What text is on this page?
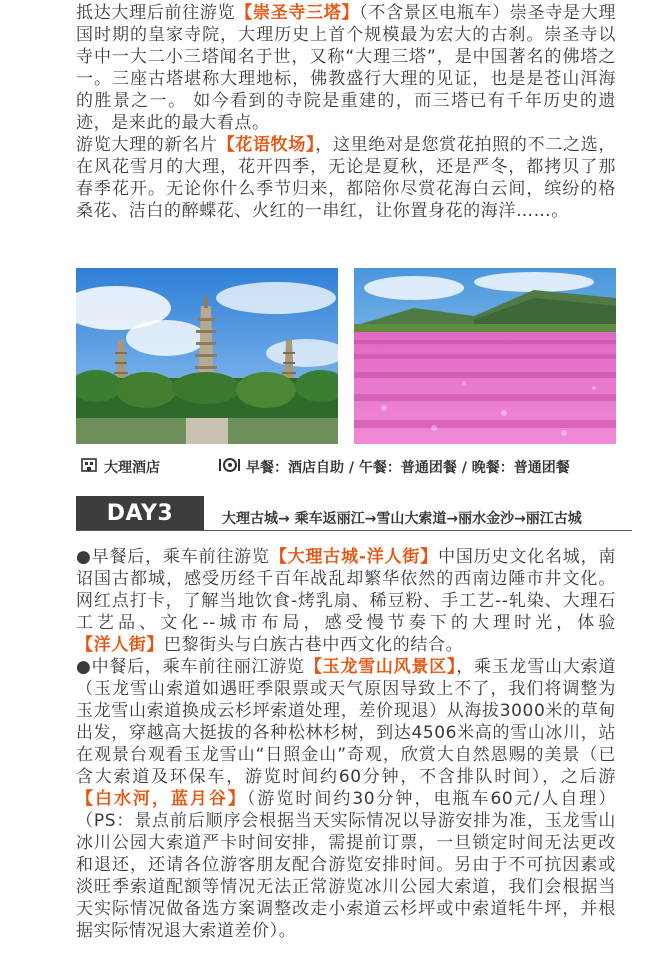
抵达大理后前往游览【崇圣寺三塔】（不含景区电瓶车）崇圣寺是大理国时期的皇家寺院，大理历史上首个规模最为宏大的古刹。崇圣寺以寺中一大二小三塔闻名于世，又称“大理三塔”，是中国著名的佛塔之一。三座古塔堪称大理地标，佛教盛行大理的见证，也是是苍山洱海的胜景之一。 如今看到的寺院是重建的，而三塔已有千年历史的遗迹，是来此的最大看点。

游览大理的新名片【花语牧场】，这里绝对是您赏花拍照的不二之选，在风花雪月的大理，花开四季，无论是夏秋，还是严冬，都拷贝了那春季花开。无论你什么季节归来，都陪你尽赏花海白云间，缤纷的格桑花、洁白的醉蝶花、火红的一串红，让你置身花的海洋……。

大理酒店	早餐：酒店自助 / 午餐：普通团餐 / 晚餐：普通团餐
DAY3	大理古城→ 乘车返丽江→雪山大索道→丽水金沙→丽江古城

●早餐后，乘车前往游览【大理古城-洋人街】中国历史文化名城，南诏国古都城，感受历经千百年战乱却繁华依然的西南边陲市井文化。网红点打卡，了解当地饮食-烤乳扇、稀豆粉、手工艺--轧染、大理石工艺品、文化--城市布局，感受慢节奏下的大理时光，体验【洋人街】巴黎街头与白族古巷中西文化的结合。

●中餐后，乘车前往丽江游览【玉龙雪山风景区】，乘玉龙雪山大索道（玉龙雪山索道如遇旺季限票或天气原因导致上不了，我们将调整为玉龙雪山索道换成云杉坪索道处理，差价现退）从海拔3000米的草甸出发，穿越高大挺拔的各种松林杉树，到达4506米高的雪山冰川，站在观景台观看玉龙雪山“日照金山”奇观，欣赏大自然恩赐的美景（已含大索道及环保车，游览时间约60分钟，不含排队时间），之后游【白水河，蓝月谷】（游览时间约30分钟，电瓶车60元/人自理）（PS：景点前后顺序会根据当天实际情况以导游安排为准，玉龙雪山冰川公园大索道严卡时间安排，需提前订票，一旦锁定时间无法更改和退还，还请各位游客朋友配合游览安排时间。另由于不可抗因素或淡旺季索道配额等情况无法正常游览冰川公园大索道，我们会根据当天实际情况做备选方案调整改走小索道云杉坪或中索道牦牛坪，并根据实际情况退大索道差价）。
